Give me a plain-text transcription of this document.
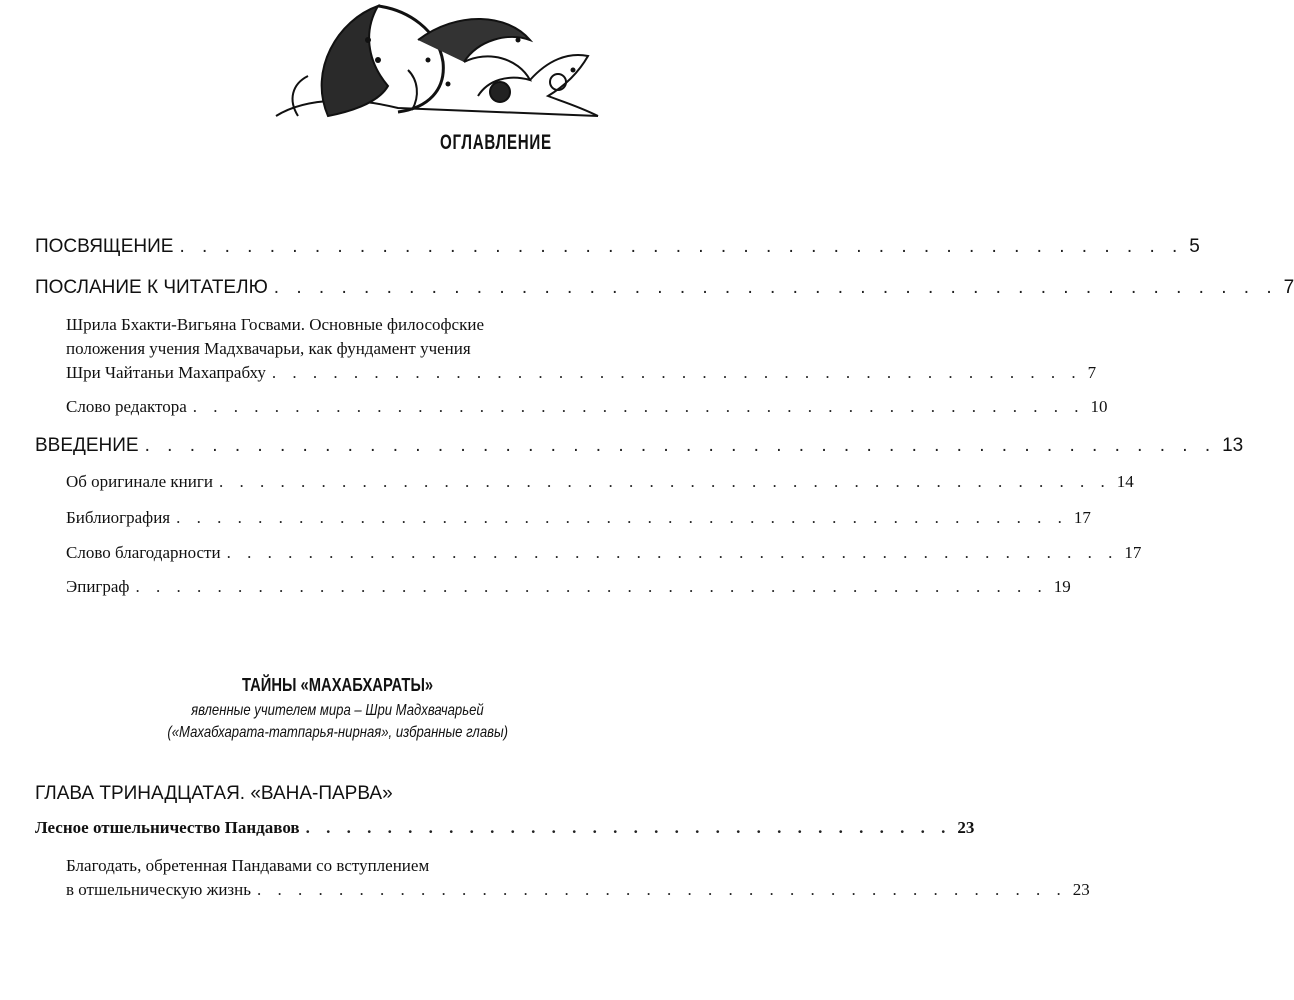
ОГЛАВЛЕНИЕ
ПОСВЯЩЕНИЕ . . . . . . . . . . . . . . . . . . . . . . . . . . . . . . . . . . . . . . . . . . . . . 5
ПОСЛАНИЕ К ЧИТАТЕЛЮ . . . . . . . . . . . . . . . . . . . . . . . . . . . . . . . . . . . . . . . . . . . . . 7
Шрила Бхакти-Вигьяна Госвами. Основные философские
положения учения Мадхвачарьи, как фундамент учения
Шри Чайтаньи Махапрабху . . . . . . . . . . . . . . . . . . . . . . . . . . . . . . . . . . . . . . . . 7
Слово редактора . . . . . . . . . . . . . . . . . . . . . . . . . . . . . . . . . . . . . . . . . . . . 10
ВВЕДЕНИЕ . . . . . . . . . . . . . . . . . . . . . . . . . . . . . . . . . . . . . . . . . . . . . . . . 13
Об оригинале книги . . . . . . . . . . . . . . . . . . . . . . . . . . . . . . . . . . . . . . . . . . . . 14
Библиография . . . . . . . . . . . . . . . . . . . . . . . . . . . . . . . . . . . . . . . . . . . . 17
Слово благодарности . . . . . . . . . . . . . . . . . . . . . . . . . . . . . . . . . . . . . . . . . . . . 17
Эпиграф . . . . . . . . . . . . . . . . . . . . . . . . . . . . . . . . . . . . . . . . . . . . . 19
ТАЙНЫ «МАХАБХАРАТЫ»
явленные учителем мира – Шри Мадхвачарьей
(«Махабхарата-татпарья-нирная», избранные главы)
ГЛАВА ТРИНАДЦАТАЯ. «ВАНА-ПАРВА»
Лесное отшельничество Пандавов . . . . . . . . . . . . . . . . . . . . . . . . . . . . . . . . 23
Благодать, обретенная Пандавами со вступлением
в отшельническую жизнь . . . . . . . . . . . . . . . . . . . . . . . . . . . . . . . . . . . . . . . . 23
